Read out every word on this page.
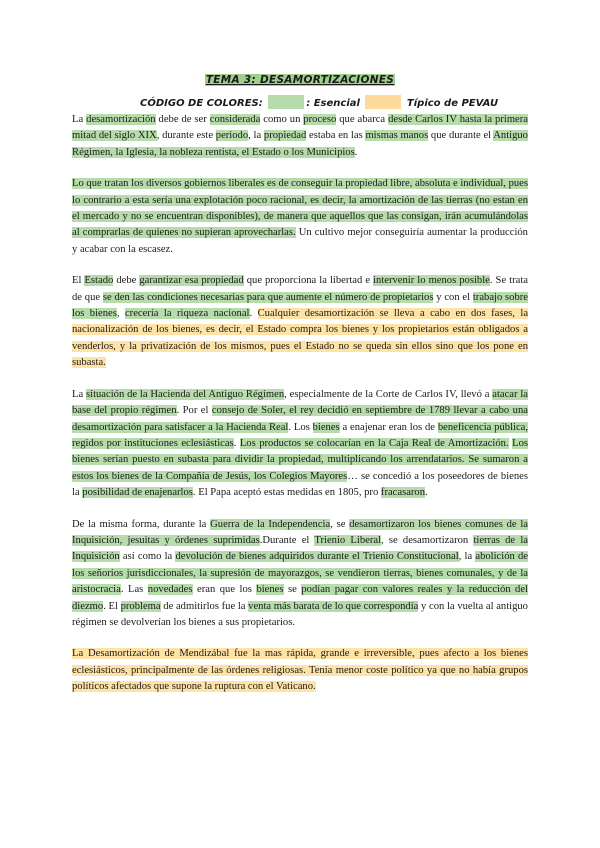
TEMA 3: DESAMORTIZACIONES
CÓDIGO DE COLORES:	: Esencial	Típico de PEVAU

La desamortización debe de ser considerada como un proceso que abarca desde Carlos IV hasta la primera mitad del siglo XIX, durante este periodo, la propiedad estaba en las mismas manos que durante el Antiguo Régimen, la Iglesia, la nobleza rentista, el Estado o los Municipios.

Lo que tratan los diversos gobiernos liberales es de conseguir la propiedad libre, absoluta e individual, pues lo contrario a esta sería una explotación poco racional, es decir, la amortización de las tierras (no estan en el mercado y no se encuentran disponibles), de manera que aquellos que las consigan, irán acumulándolas al comprarlas de quienes no supieran aprovecharlas. Un cultivo mejor conseguiría aumentar la producción y acabar con la escasez.

El Estado debe garantizar esa propiedad que proporciona la libertad e intervenir lo menos posible. Se trata de que se den las condiciones necesarias para que aumente el número de propietarios y con el trabajo sobre los bienes, crecería la riqueza nacional. Cualquier desamortización se lleva a cabo en dos fases, la nacionalización de los bienes, es decir, el Estado compra los bienes y los propietarios están obligados a venderlos, y la privatización de los mismos, pues el Estado no se queda sin ellos sino que los pone en subasta.

La situación de la Hacienda del Antiguo Régimen, especialmente de la Corte de Carlos IV, llevó a atacar la base del propio régimen. Por el consejo de Soler, el rey decidió en septiembre de 1789 llevar a cabo una desamortización para satisfacer a la Hacienda Real. Los bienes a enajenar eran los de beneficencia pública, regidos por instituciones eclesiásticas. Los productos se colocarían en la Caja Real de Amortización. Los bienes serían puesto en subasta para dividir la propiedad, multiplicando los arrendatarios. Se sumaron a estos los bienes de la Compañía de Jesús, los Colegios Mayores… se concedió a los poseedores de bienes la posibilidad de enajenarlos. El Papa aceptó estas medidas en 1805, pro fracasaron.

De la misma forma, durante la Guerra de la Independencia, se desamortizaron los bienes comunes de la Inquisición, jesuitas y órdenes suprimidas.Durante el Trienio Liberal, se desamortizaron tierras de la Inquisición así como la devolución de bienes adquiridos durante el Trienio Constitucional, la abolición de los señoríos jurisdiccionales, la supresión de mayorazgos, se vendieron tierras, bienes comunales, y de la aristocracia. Las novedades eran que los bienes se podían pagar con valores reales y la reducción del diezmo. El problema de admitirlos fue la venta más barata de lo que correspondía y con la vuelta al antiguo régimen se devolverían los bienes a sus propietarios.

La Desamortización de Mendizábal fue la mas rápida, grande e irreversible, pues afecto a los bienes eclesiásticos, principalmente de las órdenes religiosas. Tenía menor coste político ya que no había grupos políticos afectados que supone la ruptura con el Vaticano.
